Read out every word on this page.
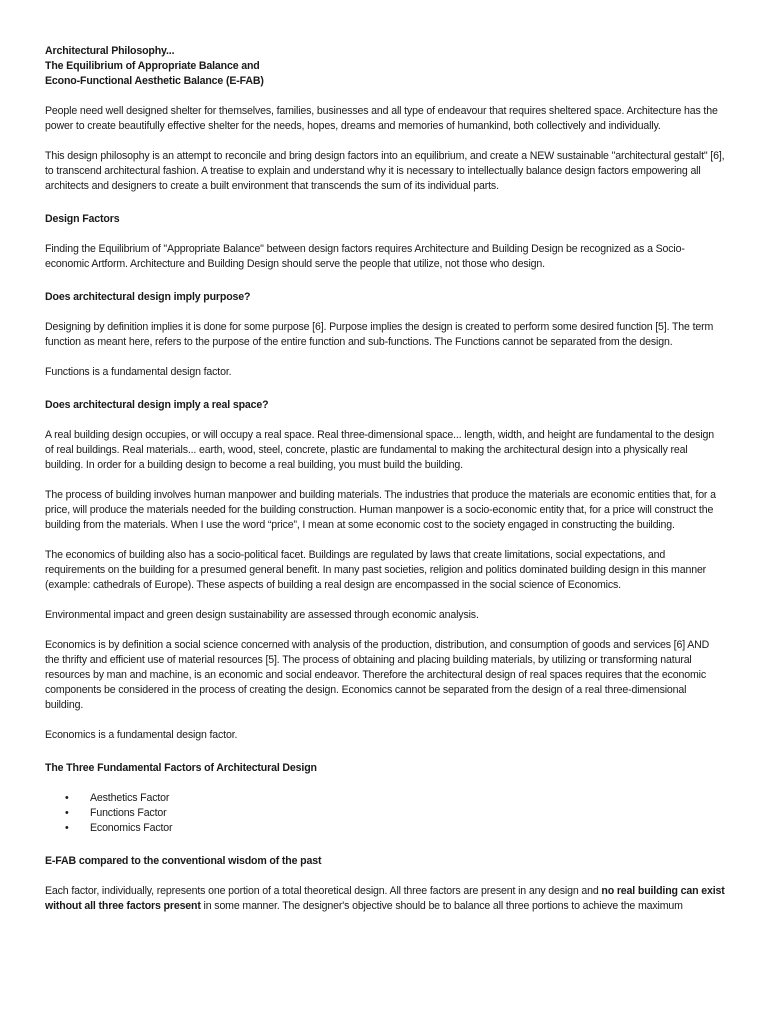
Architectural Philosophy...
The Equilibrium of Appropriate Balance and
Econo-Functional Aesthetic Balance (E-FAB)

People need well designed shelter for themselves, families, businesses and all type of endeavour that requires sheltered space. Architecture has the power to create beautifully effective shelter for the needs, hopes, dreams and memories of humankind, both collectively and individually.

This design philosophy is an attempt to reconcile and bring design factors into an equilibrium, and create a NEW sustainable "architectural gestalt" [6], to transcend architectural fashion. A treatise to explain and understand why it is necessary to intellectually balance design factors empowering all architects and designers to create a built environment that transcends the sum of its individual parts.

Design Factors

Finding the Equilibrium of "Appropriate Balance" between design factors requires Architecture and Building Design be recognized as a Socio-economic Artform. Architecture and Building Design should serve the people that utilize, not those who design.

Does architectural design imply purpose?

Designing by definition implies it is done for some purpose [6]. Purpose implies the design is created to perform some desired function [5]. The term function as meant here, refers to the purpose of the entire function and sub-functions. The Functions cannot be separated from the design.

Functions is a fundamental design factor.

Does architectural design imply a real space?

A real building design occupies, or will occupy a real space. Real three-dimensional space... length, width, and height are fundamental to the design of real buildings. Real materials... earth, wood, steel, concrete, plastic are fundamental to making the architectural design into a physically real building. In order for a building design to become a real building, you must build the building.

The process of building involves human manpower and building materials. The industries that produce the materials are economic entities that, for a price, will produce the materials needed for the building construction. Human manpower is a socio-economic entity that, for a price will construct the building from the materials. When I use the word “price”, I mean at some economic cost to the society engaged in constructing the building.

The economics of building also has a socio-political facet. Buildings are regulated by laws that create limitations, social expectations, and requirements on the building for a presumed general benefit. In many past societies, religion and politics dominated building design in this manner (example: cathedrals of Europe). These aspects of building a real design are encompassed in the social science of Economics.

Environmental impact and green design sustainability are assessed through economic analysis.

Economics is by definition a social science concerned with analysis of the production, distribution, and consumption of goods and services [6] AND the thrifty and efficient use of material resources [5]. The process of obtaining and placing building materials, by utilizing or transforming natural resources by man and machine, is an economic and social endeavor. Therefore the architectural design of real spaces requires that the economic components be considered in the process of creating the design. Economics cannot be separated from the design of a real three-dimensional building.

Economics is a fundamental design factor.

The Three Fundamental Factors of Architectural Design
• Aesthetics Factor
• Functions Factor
• Economics Factor
E-FAB compared to the conventional wisdom of the past

Each factor, individually, represents one portion of a total theoretical design. All three factors are present in any design and no real building can exist without all three factors present in some manner. The designer's objective should be to balance all three portions to achieve the maximum
